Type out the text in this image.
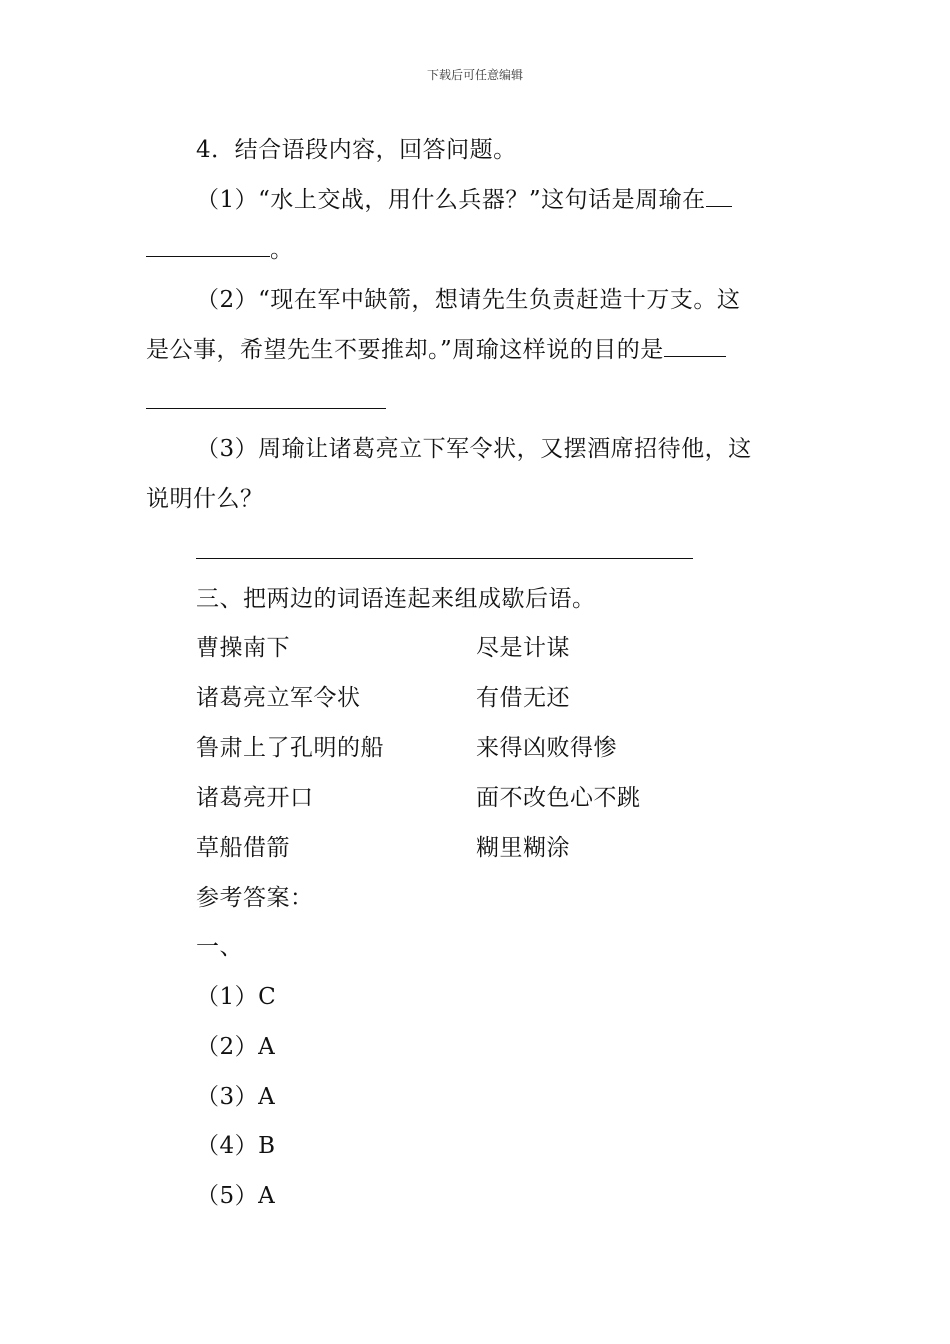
下载后可任意编辑
4．结合语段内容，回答问题。
（1）“水上交战，用什么兵器？”这句话是周瑜在
。
（2）“现在军中缺箭，想请先生负责赶造十万支。这
是公事，希望先生不要推却。”周瑜这样说的目的是
（3）周瑜让诸葛亮立下军令状，又摆酒席招待他，这
说明什么？
三、把两边的词语连起来组成歇后语。
曹操南下	尽是计谋
诸葛亮立军令状	有借无还
鲁肃上了孔明的船	来得凶败得惨
诸葛亮开口	面不改色心不跳
草船借箭	糊里糊涂
参考答案：
一、
（1）C
（2）A
（3）A
（4）B
（5）A
